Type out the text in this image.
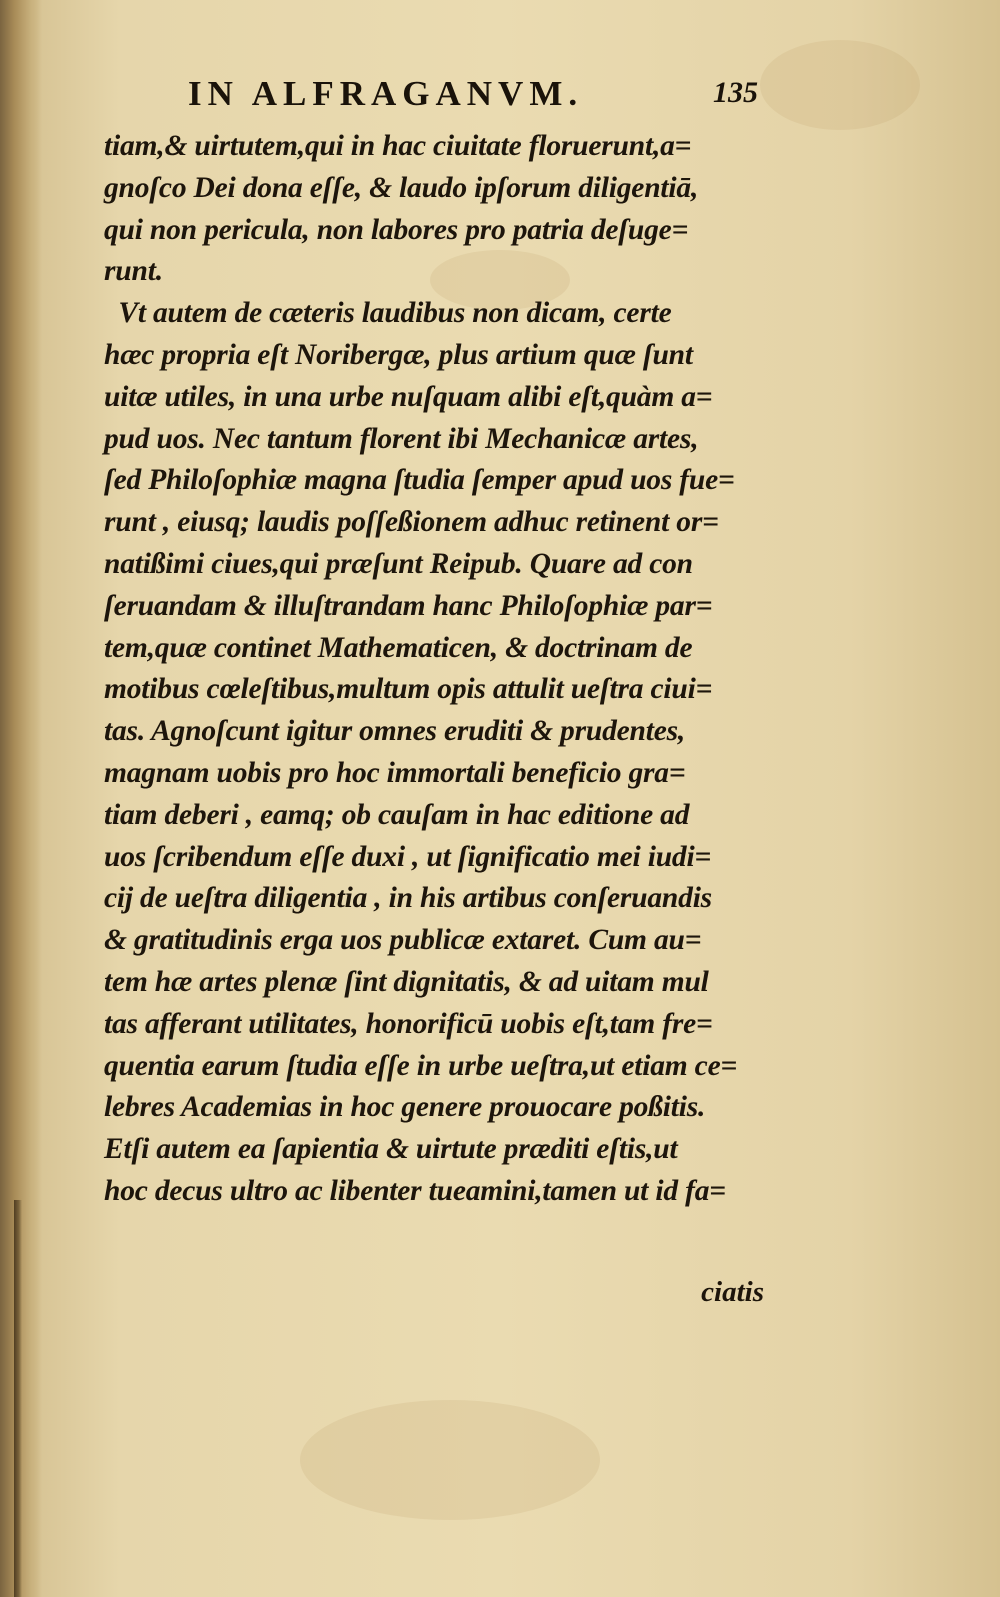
IN ALFRAGANVM.	135
tiam,& uirtutem,qui in hac ciuitate floruerunt,a=
gnoſco Dei dona eſſe, & laudo ipſorum diligentiā,
qui non pericula, non labores pro patria deſuge=
runt.
Vt autem de cæteris laudibus non dicam, certe
hæc propria eſt Noribergæ, plus artium quæ ſunt
uitæ utiles, in una urbe nuſquam alibi eſt,quàm a=
pud uos. Nec tantum florent ibi Mechanicæ artes,
ſed Philoſophiæ magna ſtudia ſemper apud uos fue=
runt , eiusq; laudis poſſeßionem adhuc retinent or=
natißimi ciues,qui præſunt Reipub. Quare ad con
ſeruandam & illuſtrandam hanc Philoſophiæ par=
tem,quæ continet Mathematicen, & doctrinam de
motibus cœleſtibus,multum opis attulit ueſtra ciui=
tas. Agnoſcunt igitur omnes eruditi & prudentes,
magnam uobis pro hoc immortali beneficio gra=
tiam deberi , eamq; ob cauſam in hac editione ad
uos ſcribendum eſſe duxi , ut ſignificatio mei iudi=
cij de ueſtra diligentia , in his artibus conſeruandis
& gratitudinis erga uos publicæ extaret. Cum au=
tem hæ artes plenæ ſint dignitatis, & ad uitam mul
tas afferant utilitates, honorificū uobis eſt,tam fre=
quentia earum ſtudia eſſe in urbe ueſtra,ut etiam ce=
lebres Academias in hoc genere prouocare poßitis.
Etſi autem ea ſapientia & uirtute præditi eſtis,ut
hoc decus ultro ac libenter tueamini,tamen ut id fa=
ciatis
